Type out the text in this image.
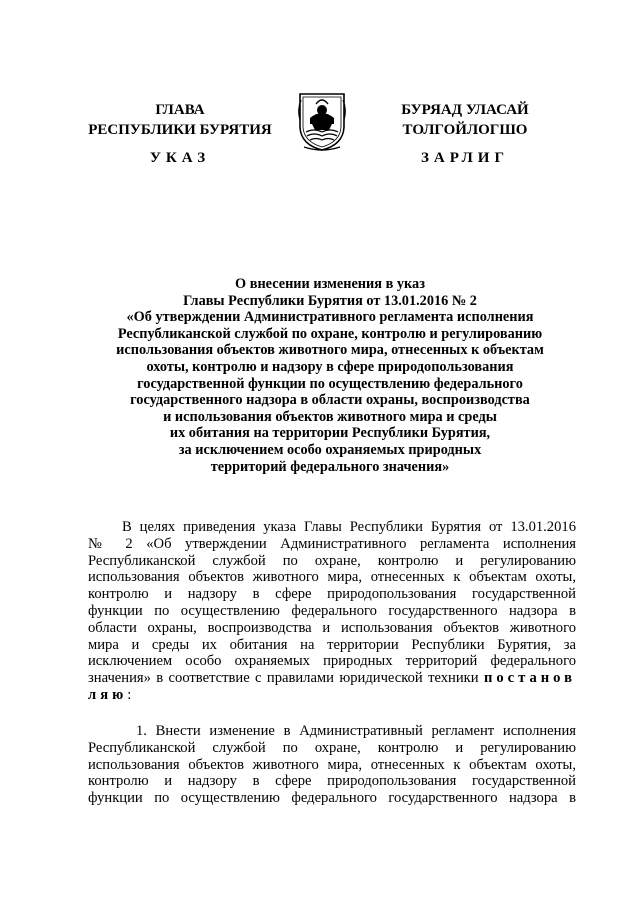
ГЛАВА
РЕСПУБЛИКИ БУРЯТИЯ
БУРЯАД УЛАСАЙ
ТОЛГОЙЛОГШО
УКАЗ	ЗАРЛИГ
О внесении изменения в указ
Главы Республики Бурятия от 13.01.2016 № 2
«Об утверждении Административного регламента исполнения
Республиканской службой по охране, контролю и регулированию
использования объектов животного мира, отнесенных к объектам
охоты, контролю и надзору в сфере природопользования
государственной функции по осуществлению федерального
государственного надзора в области охраны, воспроизводства
и использования объектов животного мира и среды
их обитания на территории Республики Бурятия,
за исключением особо охраняемых природных
территорий федерального значения»
В целях приведения указа Главы Республики Бурятия от 13.01.2016
№ 2 «Об утверждении Административного регламента исполнения
Республиканской службой по охране, контролю и регулированию
использования объектов животного мира, отнесенных к объектам охоты,
контролю и надзору в сфере природопользования государственной
функции по осуществлению федерального государственного надзора в
области охраны, воспроизводства и использования объектов животного
мира и среды их обитания на территории Республики Бурятия, за
исключением особо охраняемых природных территорий федерального
значения» в соответствие с правилами юридической техники постанов
ляю:
1. Внести изменение в Административный регламент исполнения
Республиканской службой по охране, контролю и регулированию
использования объектов животного мира, отнесенных к объектам охоты,
контролю и надзору в сфере природопользования государственной
функции по осуществлению федерального государственного надзора в
